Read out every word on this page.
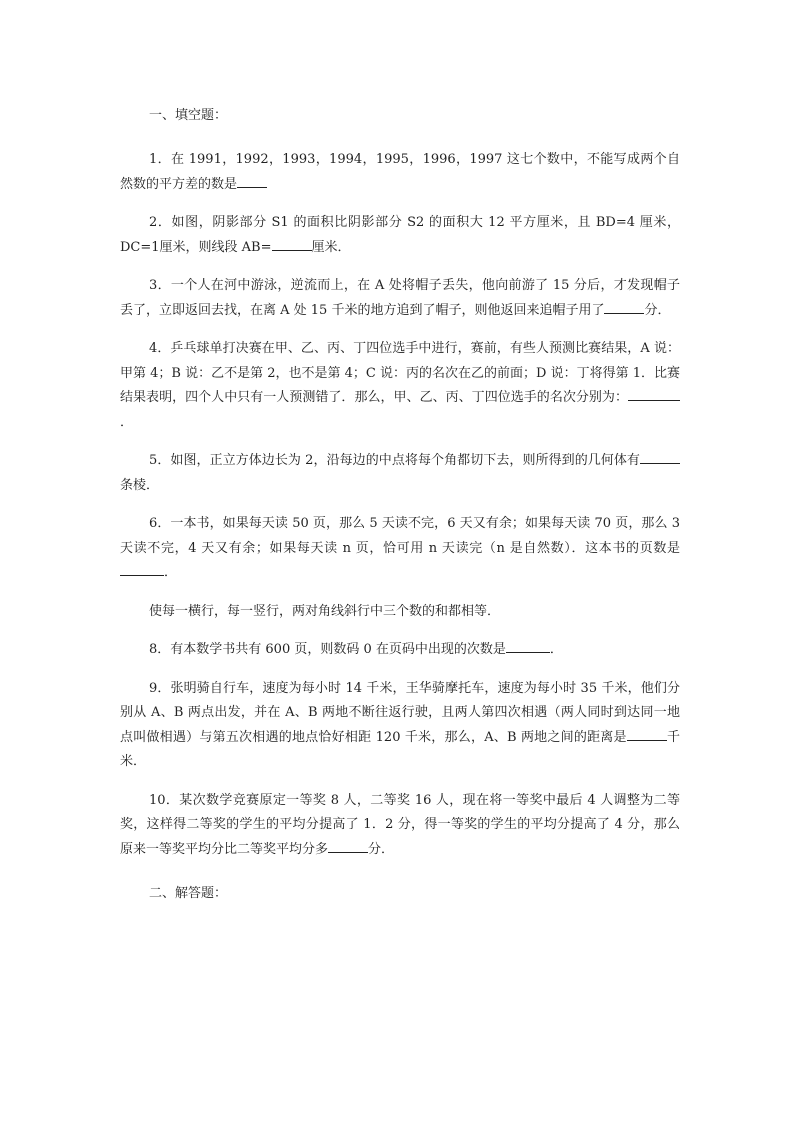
一、填空题：

1．在 1991，1992，1993，1994，1995，1996，1997 这七个数中，不能写成两个自然数的平方差的数是

2．如图，阴影部分 S1 的面积比阴影部分 S2 的面积大 12 平方厘米，且 BD=4 厘米，DC=1厘米，则线段 AB=	厘米．

3．一个人在河中游泳，逆流而上，在 A 处将帽子丢失，他向前游了 15 分后，才发现帽子丢了，立即返回去找，在离 A 处 15 千米的地方追到了帽子，则他返回来追帽子用了	分．

4．乒乓球单打决赛在甲、乙、丙、丁四位选手中进行，赛前，有些人预测比赛结果，A 说：甲第 4；B 说：乙不是第 2，也不是第 4；C 说：丙的名次在乙的前面；D 说：丁将得第 1．比赛结果表明，四个人中只有一人预测错了．那么，甲、乙、丙、丁四位选手的名次分别为：．

5．如图，正立方体边长为 2，沿每边的中点将每个角都切下去，则所得到的几何体有条棱．

6．一本书，如果每天读 50 页，那么 5 天读不完，6 天又有余；如果每天读 70 页，那么 3 天读不完，4 天又有余；如果每天读 n 页，恰可用 n 天读完（n 是自然数）．这本书的页数是．

使每一横行，每一竖行，两对角线斜行中三个数的和都相等．

8．有本数学书共有 600 页，则数码 0 在页码中出现的次数是	．

9．张明骑自行车，速度为每小时 14 千米，王华骑摩托车，速度为每小时 35 千米，他们分别从 A、B 两点出发，并在 A、B 两地不断往返行驶，且两人第四次相遇（两人同时到达同一地点叫做相遇）与第五次相遇的地点恰好相距 120 千米，那么，A、B 两地之间的距离是	千米．

10．某次数学竞赛原定一等奖 8 人，二等奖 16 人，现在将一等奖中最后 4 人调整为二等奖，这样得二等奖的学生的平均分提高了 1．2 分，得一等奖的学生的平均分提高了 4 分，那么原来一等奖平均分比二等奖平均分多	分．

二、解答题：
